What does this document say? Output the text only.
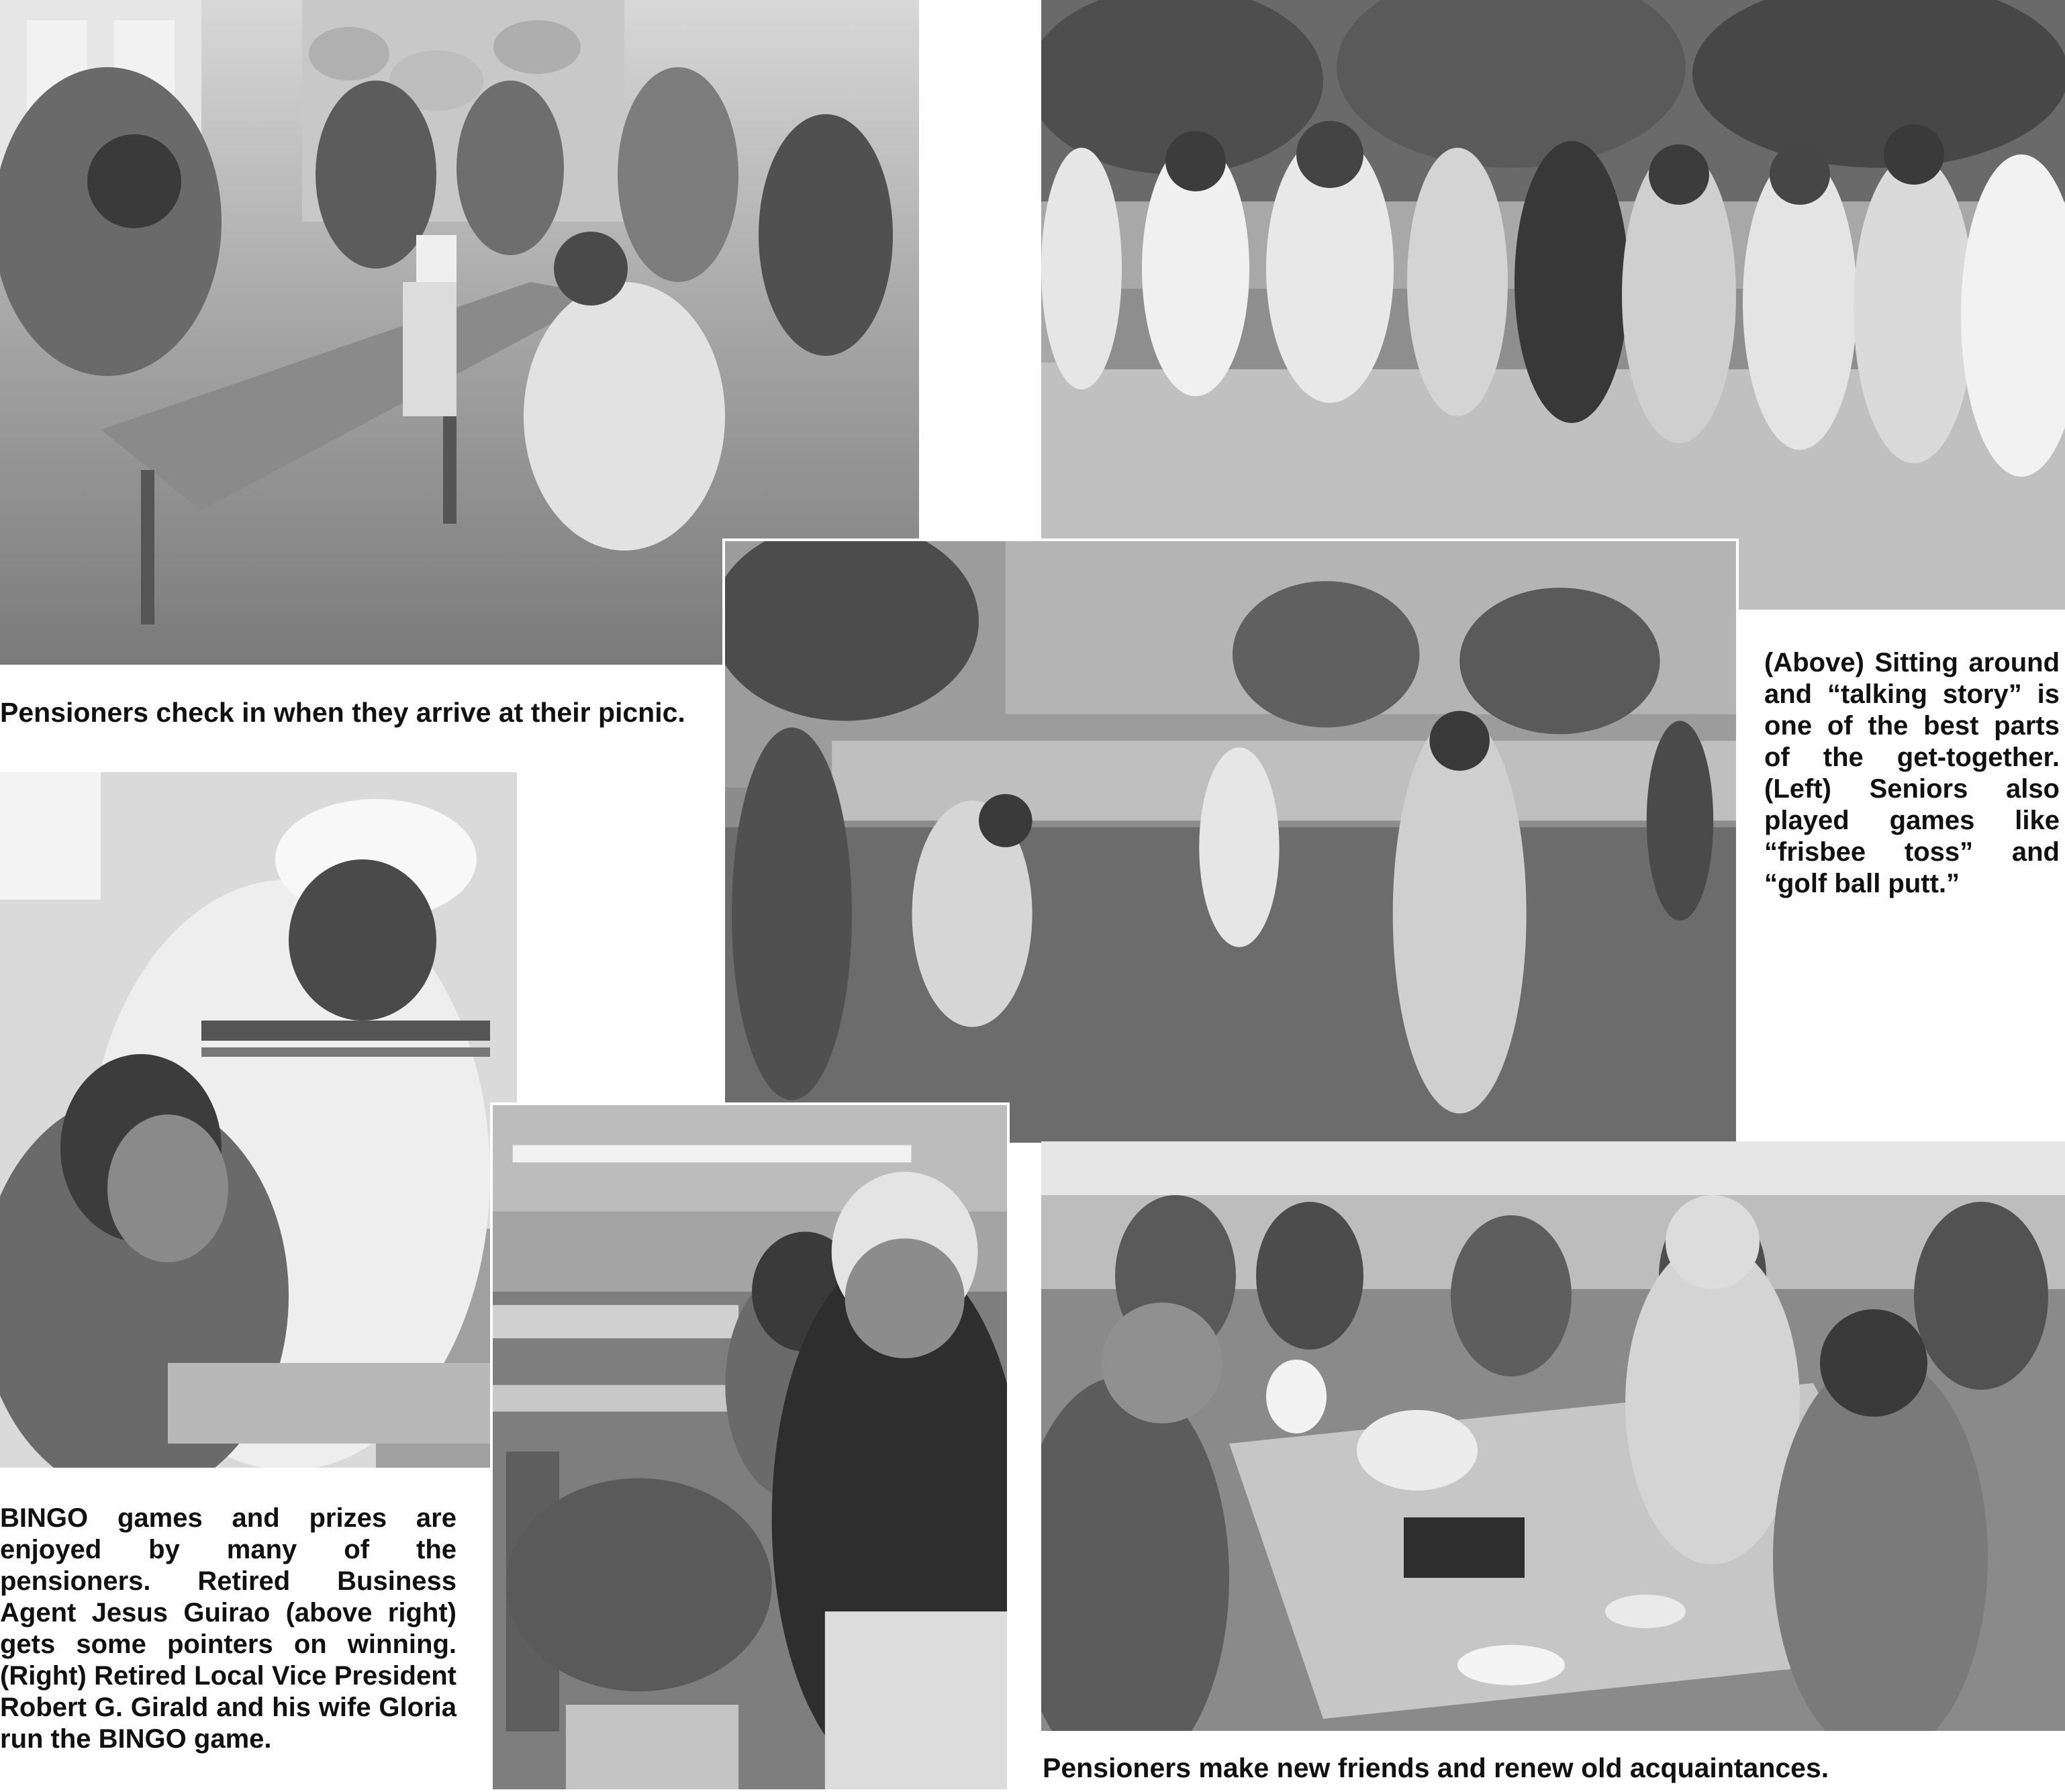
Pensioners check in when they arrive at their picnic.

(Above) Sitting around and “talking story” is one of the best parts of the get-together. (Left) Seniors also played games like “frisbee toss” and “golf ball putt.”

BINGO games and prizes are enjoyed by many of the pensioners. Retired Business Agent Jesus Guirao (above right) gets some pointers on winning. (Right) Retired Local Vice President Robert G. Girald and his wife Gloria run the BINGO game.

Pensioners make new friends and renew old acquaintances.
